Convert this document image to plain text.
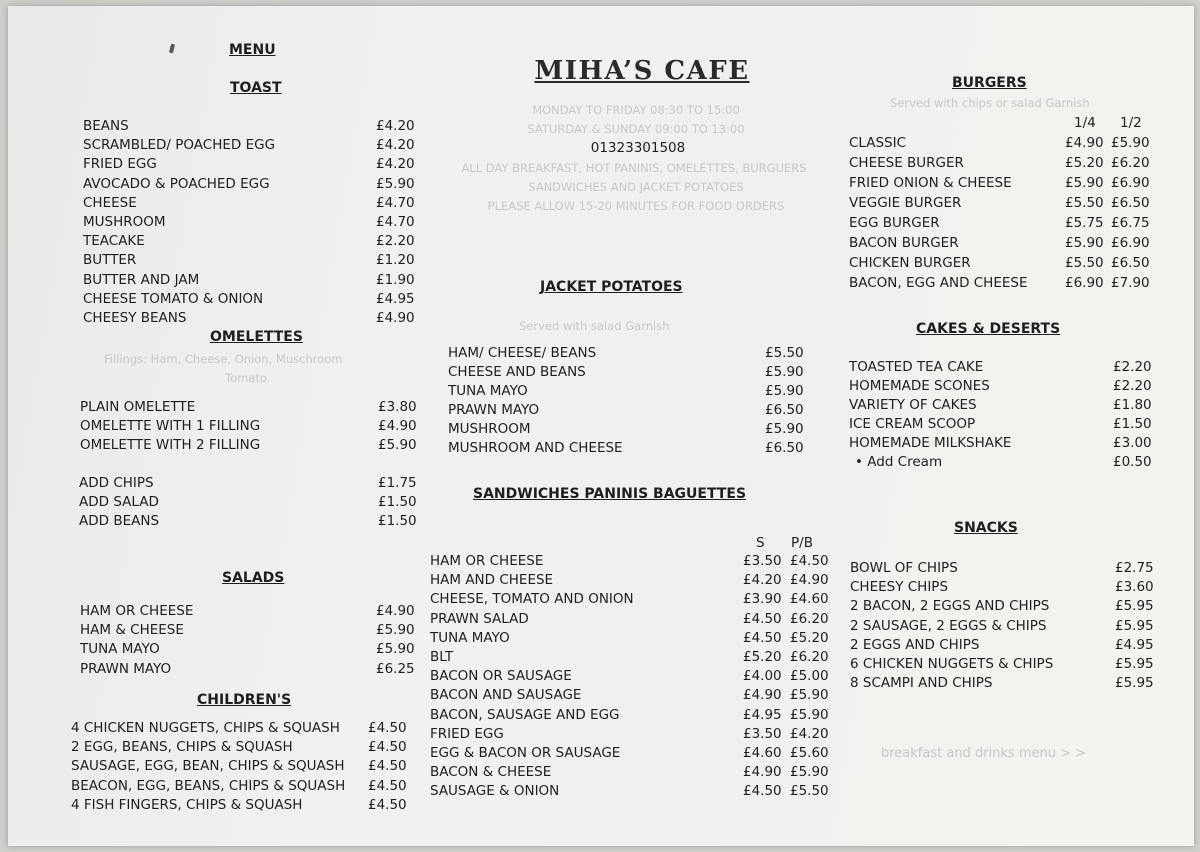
MENU
TOAST
BEANS	£4.20
SCRAMBLED/ POACHED EGG	£4.20
FRIED EGG	£4.20
AVOCADO & POACHED EGG	£5.90
CHEESE	£4.70
MUSHROOM	£4.70
TEACAKE	£2.20
BUTTER	£1.20
BUTTER AND JAM	£1.90
CHEESE TOMATO & ONION	£4.95
CHEESY BEANS	£4.90
OMELETTES
Fillings: Ham, Cheese, Onion, Muschroom
Tomato
PLAIN OMELETTE	£3.80
OMELETTE WITH 1 FILLING	£4.90
OMELETTE WITH 2 FILLING	£5.90
ADD CHIPS	£1.75
ADD SALAD	£1.50
ADD BEANS	£1.50
SALADS
HAM OR CHEESE	£4.90
HAM & CHEESE	£5.90
TUNA MAYO	£5.90
PRAWN MAYO	£6.25
CHILDREN'S
4 CHICKEN NUGGETS, CHIPS & SQUASH £4.50
2 EGG, BEANS, CHIPS & SQUASH	£4.50
SAUSAGE, EGG, BEAN, CHIPS & SQUASH £4.50
BEACON, EGG, BEANS, CHIPS & SQUASH £4.50
4 FISH FINGERS, CHIPS & SQUASH	£4.50
MIHA’S CAFE
MONDAY TO FRIDAY 08:30 TO 15:00
SATURDAY & SUNDAY 09:00 TO 13:00
01323301508
ALL DAY BREAKFAST, HOT PANINIS, OMELETTES, BURGUERS
SANDWICHES AND JACKET POTATOES
PLEASE ALLOW 15-20 MINUTES FOR FOOD ORDERS
JACKET POTATOES
Served with salad Garnish
HAM/ CHEESE/ BEANS	£5.50
CHEESE AND BEANS	£5.90
TUNA MAYO	£5.90
PRAWN MAYO	£6.50
MUSHROOM	£5.90
MUSHROOM AND CHEESE	£6.50
SANDWICHES PANINIS BAGUETTES
S P/B
HAM OR CHEESE	£3.50 £4.50
HAM AND CHEESE	£4.20 £4.90
CHEESE, TOMATO AND ONION	£3.90 £4.60
PRAWN SALAD	£4.50 £6.20
TUNA MAYO	£4.50 £5.20
BLT	£5.20 £6.20
BACON OR SAUSAGE	£4.00 £5.00
BACON AND SAUSAGE	£4.90 £5.90
BACON, SAUSAGE AND EGG	£4.95 £5.90
FRIED EGG	£3.50 £4.20
EGG & BACON OR SAUSAGE	£4.60 £5.60
BACON & CHEESE	£4.90 £5.90
SAUSAGE & ONION	£4.50 £5.50
BURGERS
Served with chips or salad Garnish
1/4 1/2
CLASSIC	£4.90 £5.90
CHEESE BURGER	£5.20 £6.20
FRIED ONION & CHEESE	£5.90 £6.90
VEGGIE BURGER	£5.50 £6.50
EGG BURGER	£5.75 £6.75
BACON BURGER	£5.90 £6.90
CHICKEN BURGER	£5.50 £6.50
BACON, EGG AND CHEESE	£6.90 £7.90
CAKES & DESERTS
TOASTED TEA CAKE	£2.20
HOMEMADE SCONES	£2.20
VARIETY OF CAKES	£1.80
ICE CREAM SCOOP	£1.50
HOMEMADE MILKSHAKE	£3.00
• Add Cream	£0.50
SNACKS
BOWL OF CHIPS	£2.75
CHEESY CHIPS	£3.60
2 BACON, 2 EGGS AND CHIPS	£5.95
2 SAUSAGE, 2 EGGS & CHIPS	£5.95
2 EGGS AND CHIPS	£4.95
6 CHICKEN NUGGETS & CHIPS	£5.95
8 SCAMPI AND CHIPS	£5.95
breakfast and drinks menu > >
